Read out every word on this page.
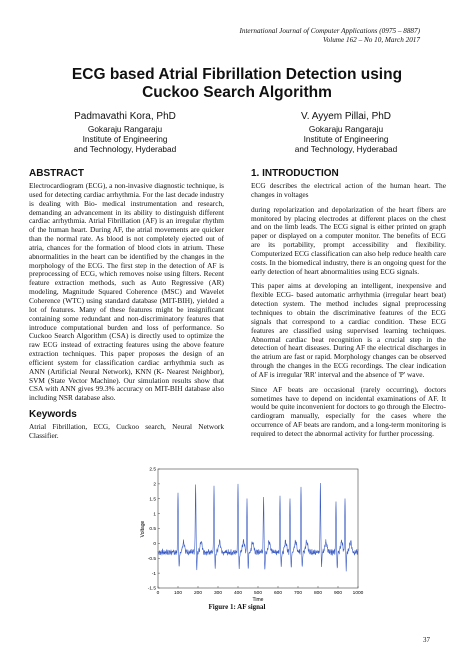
International Journal of Computer Applications (0975 – 8887)
Volume 162 – No 10, March 2017
ECG based Atrial Fibrillation Detection using
Cuckoo Search Algorithm
Padmavathi Kora, PhD
Gokaraju Rangaraju
Institute of Engineering
and Technology, Hyderabad
V. Ayyem Pillai, PhD
Gokaraju Rangaraju
Institute of Engineering
and Technology, Hyderabad
ABSTRACT

Electrocardiogram (ECG), a non-invasive diagnostic technique, is used for detecting cardiac arrhythmia. For the last decade industry is dealing with Bio- medical instrumentation and research, demanding an advancement in its ability to distinguish different cardiac arrhythmia. Atrial Fibrillation (AF) is an irregular rhythm of the human heart. During AF, the atrial movements are quicker than the normal rate. As blood is not completely ejected out of atria, chances for the formation of blood clots in atrium. These abnormalities in the heart can be identified by the changes in the morphology of the ECG. The first step in the detection of AF is preprocessing of ECG, which removes noise using filters. Recent feature extraction methods, such as Auto Regressive (AR) modeling, Magnitude Squared Coherence (MSC) and Wavelet Coherence (WTC) using standard database (MIT-BIH), yielded a lot of features. Many of these features might be insignificant containing some redundant and non-discriminatory features that introduce computational burden and loss of performance. So Cuckoo Search Algorithm (CSA) is directly used to optimize the raw ECG instead of extracting features using the above feature extraction techniques. This paper proposes the design of an efficient system for classification cardiac arrhythmia such as ANN (Artificial Neural Network), KNN (K- Nearest Neighbor), SVM (State Vector Machine). Our simulation results show that CSA with ANN gives 99.3% accuracy on MIT-BIH database also including NSR database also.

Keywords

Atrial Fibrillation, ECG, Cuckoo search, Neural Network Classifier.

1. INTRODUCTION

ECG describes the electrical action of the human heart. The changes in voltages

during repolarization and depolarization of the heart fibers are monitored by placing electrodes at different places on the chest and on the limb leads. The ECG signal is either printed on graph paper or displayed on a computer monitor. The benefits of ECG are its portability, prompt accessibility and flexibility. Computerized ECG classification can also help reduce health care costs. In the biomedical industry, there is an ongoing quest for the early detection of heart abnormalities using ECG signals.

This paper aims at developing an intelligent, inexpensive and flexible ECG- based automatic arrhythmia (irregular heart beat) detection system. The method includes signal preprocessing techniques to obtain the discriminative features of the ECG signals that correspond to a cardiac condition. These ECG features are classified using supervised learning techniques. Abnormal cardiac beat recognition is a crucial step in the detection of heart diseases. During AF the electrical discharges in the atrium are fast or rapid. Morphology changes can be observed through the changes in the ECG recordings. The clear indication of AF is irregular 'RR' interval and the absence of 'P' wave.

Since AF beats are occasional (rarely occurring), doctors sometimes have to depend on incidental examinations of AF. It would be quite inconvenient for doctors to go through the Electro-cardiogram manually, especially for the cases where the occurrence of AF beats are random, and a long-term monitoring is required to detect the abnormal activity for further processing.

-1.5
-1
-0.5
0
0.5
1
1.5
2
2.5
0	100 200 300 400 500 600 700 800 900 1000
Voltage
Time
Figure 1: AF signal
37
